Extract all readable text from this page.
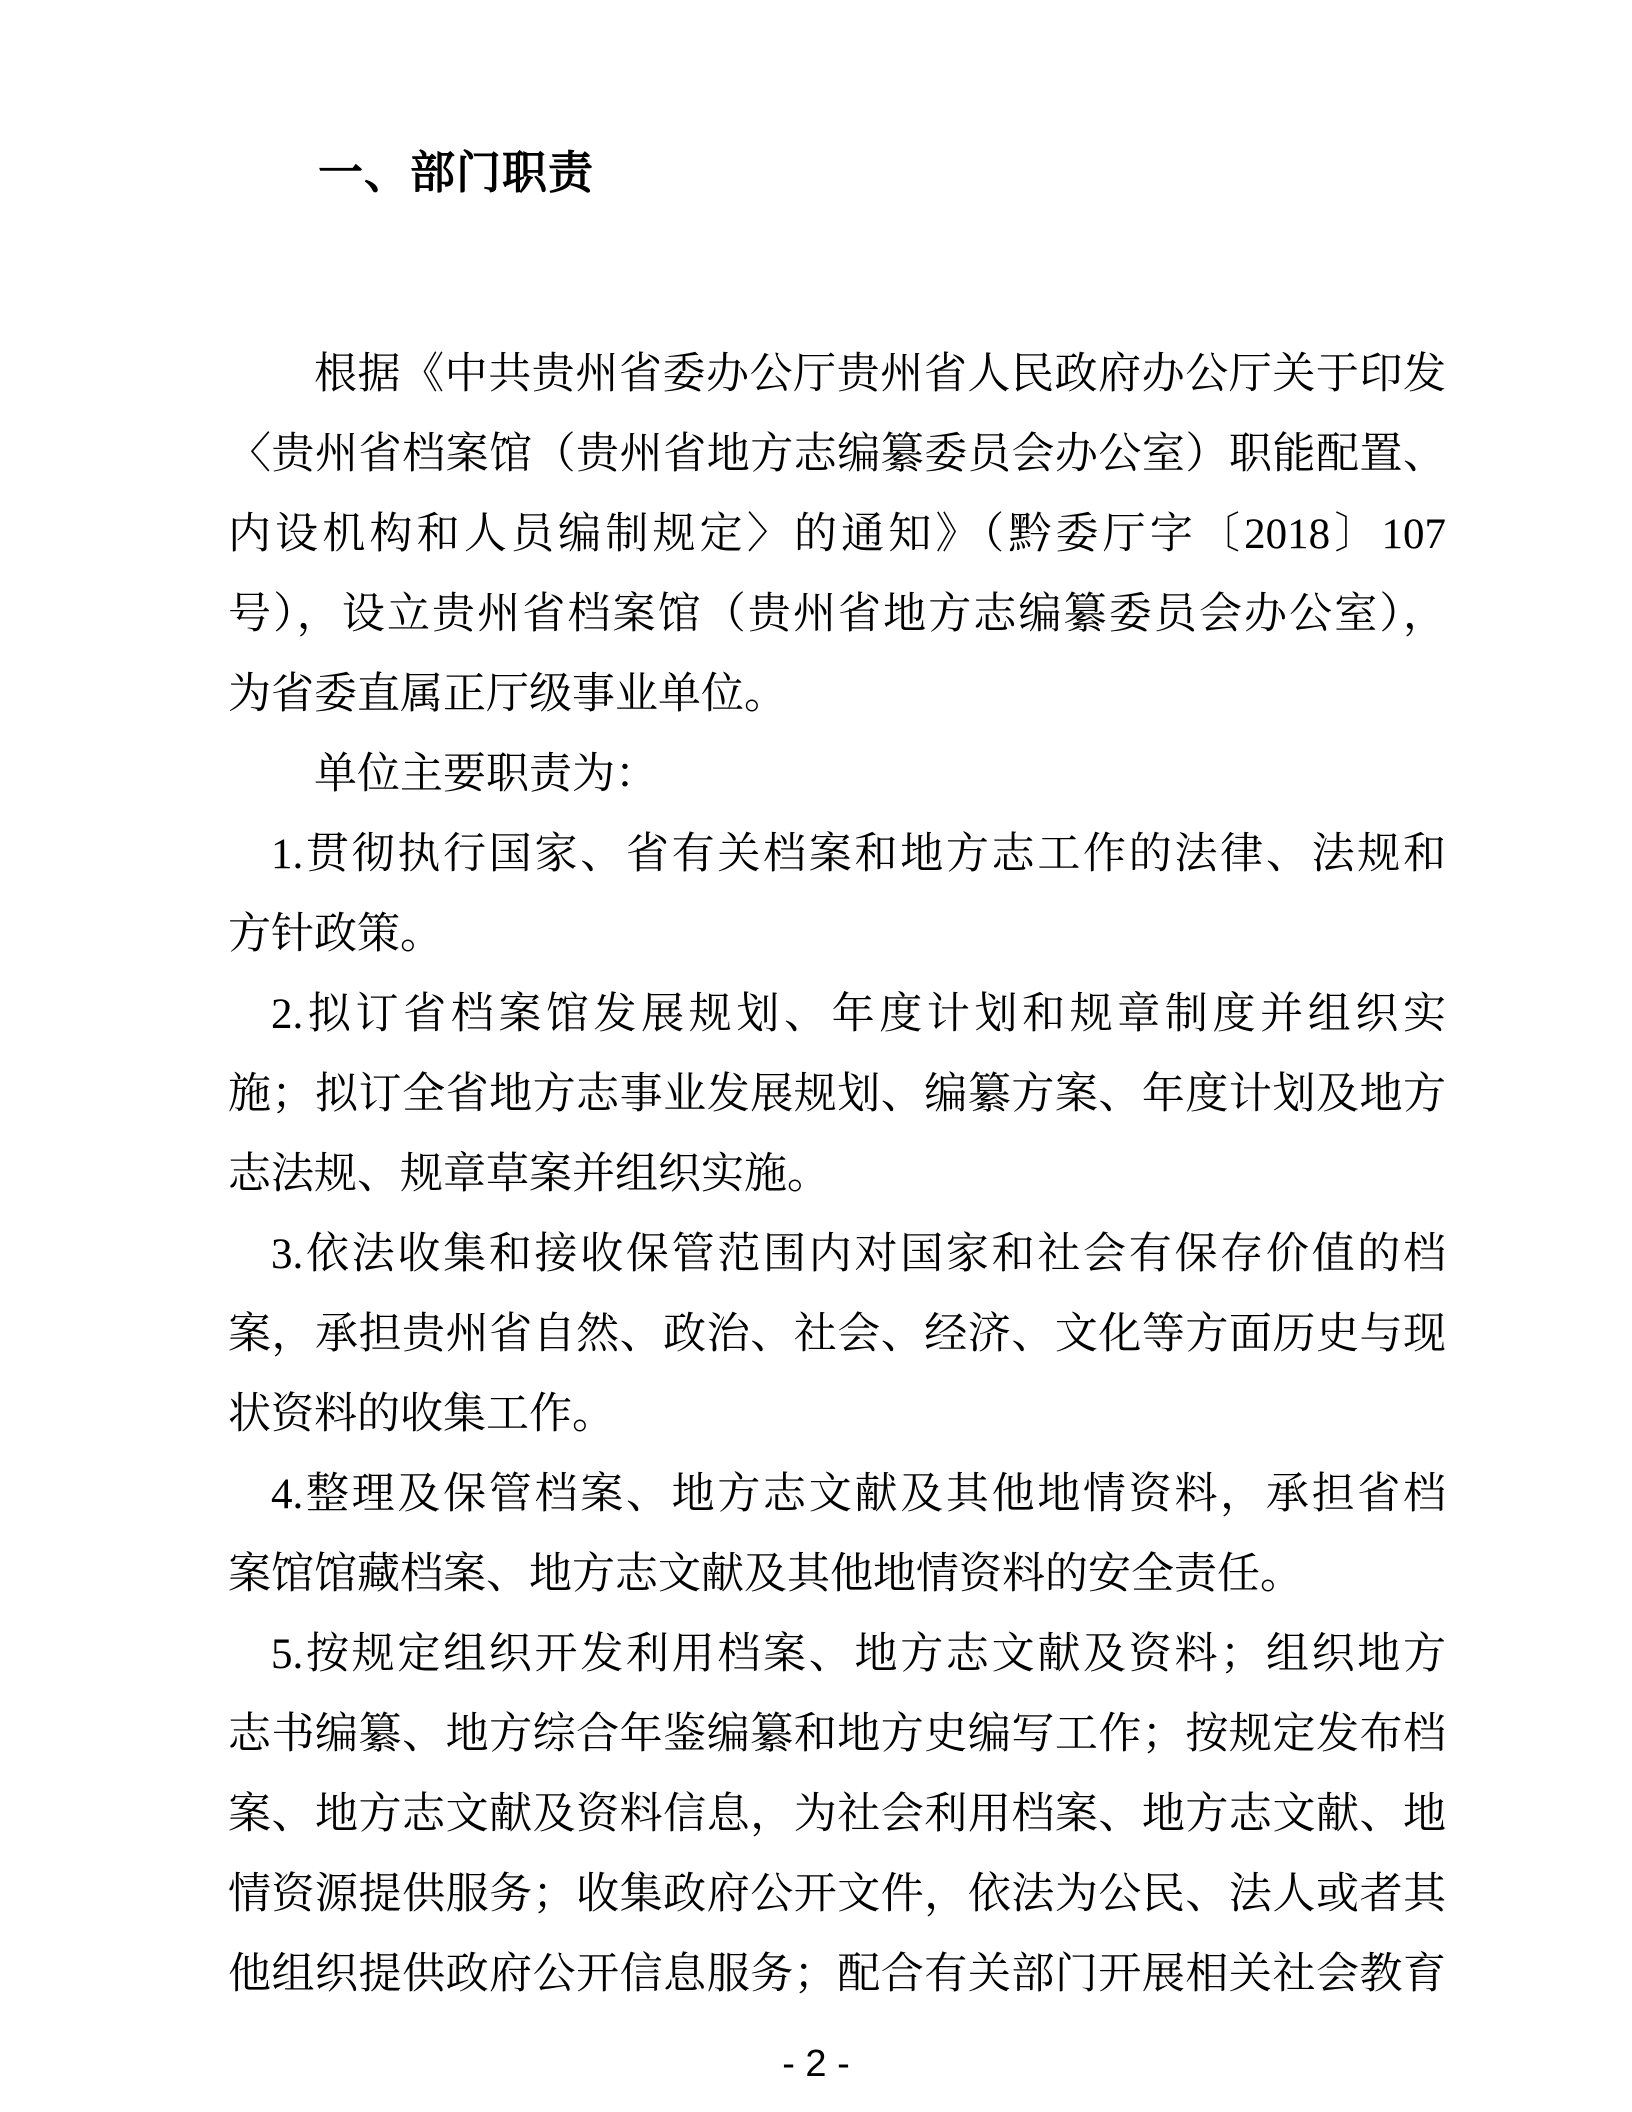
一、部门职责
根据《中共贵州省委办公厅贵州省人民政府办公厅关于印发
〈贵州省档案馆（贵州省地方志编纂委员会办公室）职能配置、
内设机构和人员编制规定〉的通知》（黔委厅字〔2018〕107
号），设立贵州省档案馆（贵州省地方志编纂委员会办公室），
为省委直属正厅级事业单位。
单位主要职责为：
1.贯彻执行国家、省有关档案和地方志工作的法律、法规和
方针政策。
2.拟订省档案馆发展规划、年度计划和规章制度并组织实
施；拟订全省地方志事业发展规划、编纂方案、年度计划及地方
志法规、规章草案并组织实施。
3.依法收集和接收保管范围内对国家和社会有保存价值的档
案，承担贵州省自然、政治、社会、经济、文化等方面历史与现
状资料的收集工作。
4.整理及保管档案、地方志文献及其他地情资料，承担省档
案馆馆藏档案、地方志文献及其他地情资料的安全责任。
5.按规定组织开发利用档案、地方志文献及资料；组织地方
志书编纂、地方综合年鉴编纂和地方史编写工作；按规定发布档
案、地方志文献及资料信息，为社会利用档案、地方志文献、地
情资源提供服务；收集政府公开文件，依法为公民、法人或者其
他组织提供政府公开信息服务；配合有关部门开展相关社会教育
- 2 -
